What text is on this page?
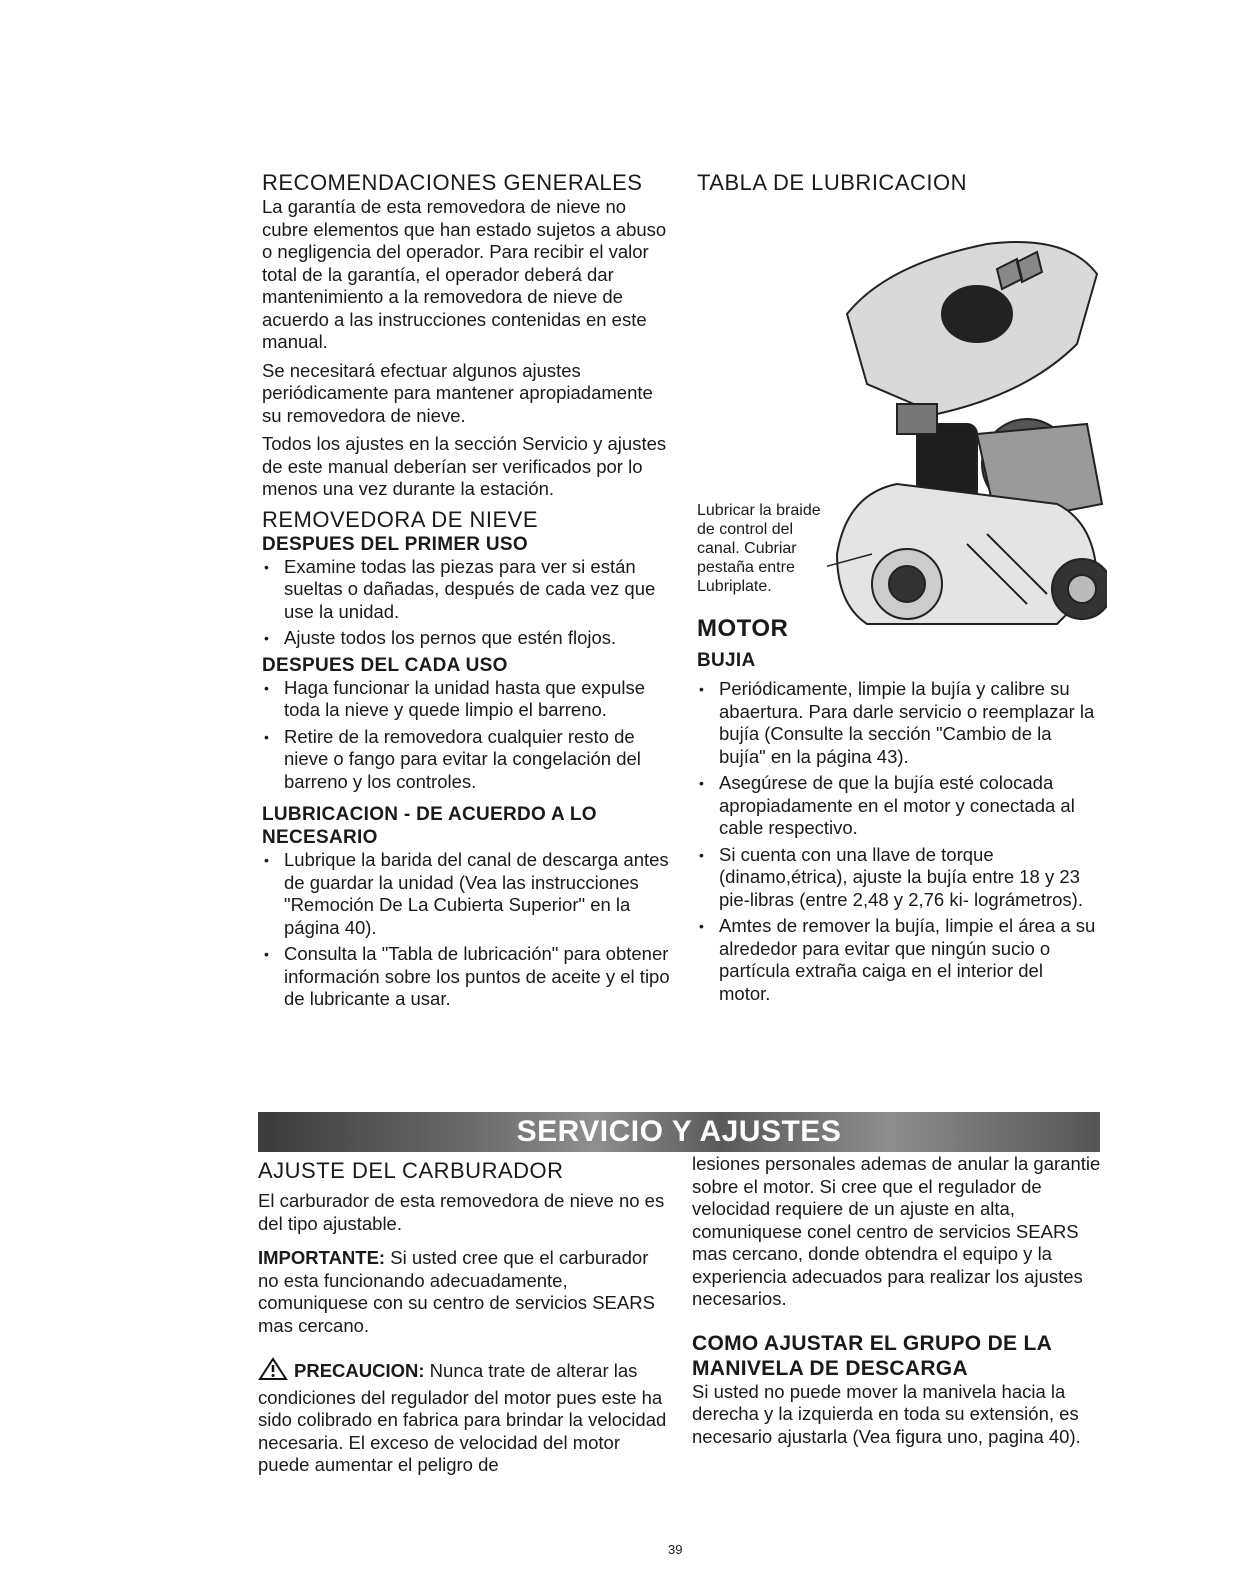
RECOMENDACIONES GENERALES

La garantía de esta removedora de nieve no cubre elementos que han estado sujetos a abuso o negligencia del operador. Para recibir el valor total de la garantía, el operador deberá dar mantenimiento a la removedora de nieve de acuerdo a las instrucciones contenidas en este manual.

Se necesitará efectuar algunos ajustes periódicamente para mantener apropiadamente su removedora de nieve.

Todos los ajustes en la sección Servicio y ajustes de este manual deberían ser verificados por lo menos una vez durante la estación.

REMOVEDORA DE NIEVE
DESPUES DEL PRIMER USO
• Examine todas las piezas para ver si están sueltas o dañadas, después de cada vez que use la unidad.
• Ajuste todos los pernos que estén flojos.
DESPUES DEL CADA USO
• Haga funcionar la unidad hasta que expulse toda la nieve y quede limpio el barreno.
• Retire de la removedora cualquier resto de nieve o fango para evitar la congelación del barreno y los controles.
LUBRICACION - DE ACUERDO A LO NECESARIO
• Lubrique la barida del canal de descarga antes de guardar la unidad (Vea las instrucciones "Remoción De La Cubierta Superior" en la página 40).
• Consulta la "Tabla de lubricación" para obtener información sobre los puntos de aceite y el tipo de lubricante a usar.
TABLA DE LUBRICACION
Lubricar la braide de control del canal. Cubriar pestaña entre Lubriplate.
MOTOR
BUJIA
• Periódicamente, limpie la bujía y calibre su abaertura. Para darle servicio o reemplazar la bujía (Consulte la sección "Cambio de la bujía" en la página 43).
• Asegúrese de que la bujía esté colocada apropiadamente en el motor y conectada al cable respectivo.
• Si cuenta con una llave de torque (dinamo,étrica), ajuste la bujía entre 18 y 23 pie-libras (entre 2,48 y 2,76 ki- lográmetros).
• Amtes de remover la bujía, limpie el área a su alrededor para evitar que ningún sucio o partícula extraña caiga en el interior del motor.
SERVICIO Y AJUSTES
AJUSTE DEL CARBURADOR

El carburador de esta removedora de nieve no es del tipo ajustable.

IMPORTANTE: Si usted cree que el carburador no esta funcionando adecuadamente, comuniquese con su centro de servicios SEARS mas cercano.

PRECAUCION: Nunca trate de alterar las condiciones del regulador del motor pues este ha sido colibrado en fabrica para brindar la velocidad necesaria. El exceso de velocidad del motor puede aumentar el peligro de

lesiones personales ademas de anular la garantie sobre el motor. Si cree que el regulador de velocidad requiere de un ajuste en alta, comuniquese conel centro de servicios SEARS mas cercano, donde obtendra el equipo y la experiencia adecuados para realizar los ajustes necesarios.

COMO AJUSTAR EL GRUPO DE LA MANIVELA DE DESCARGA

Si usted no puede mover la manivela hacia la derecha y la izquierda en toda su extensión, es necesario ajustarla (Vea figura uno, pagina 40).

39
